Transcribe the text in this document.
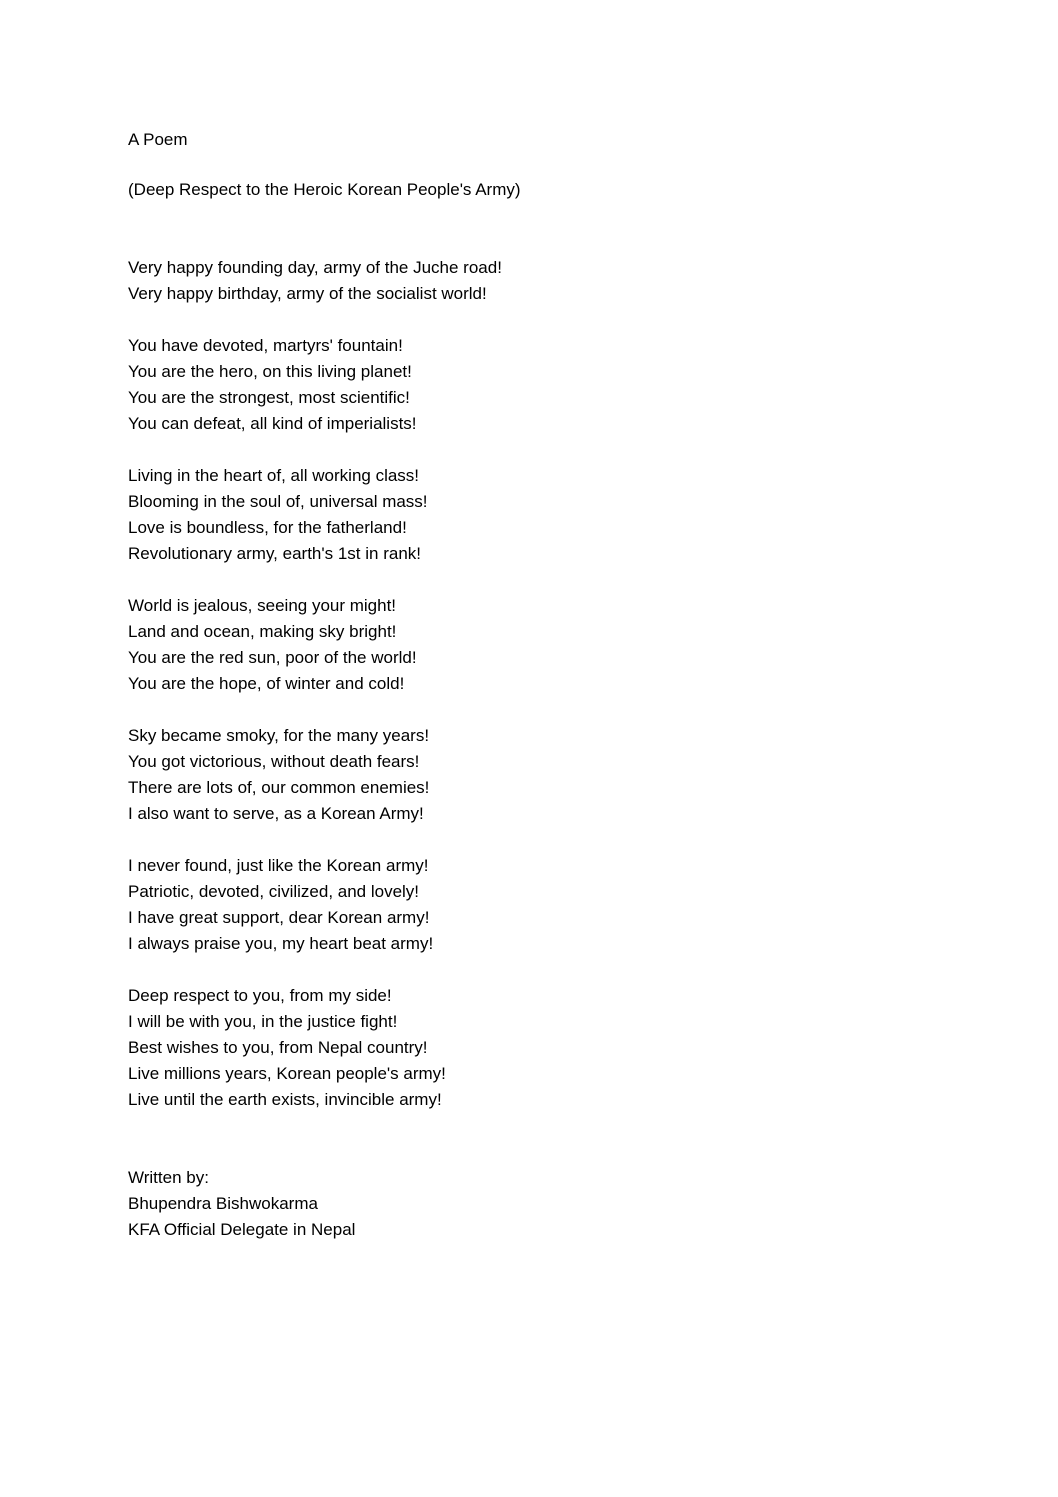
A Poem
(Deep Respect to the Heroic Korean People's Army)
Very happy founding day, army of the Juche road!
Very happy birthday, army of the socialist world!
You have devoted, martyrs' fountain!
You are the hero, on this living planet!
You are the strongest, most scientific!
You can defeat, all kind of imperialists!
Living in the heart of, all working class!
Blooming in the soul of, universal mass!
Love is boundless, for the fatherland!
Revolutionary army, earth's 1st in rank!
World is jealous, seeing your might!
Land and ocean, making sky bright!
You are the red sun, poor of the world!
You are the hope, of winter and cold!
Sky became smoky, for the many years!
You got victorious, without death fears!
There are lots of, our common enemies!
I also want to serve, as a Korean Army!
I never found, just like the Korean army!
Patriotic, devoted, civilized, and lovely!
I have great support, dear Korean army!
I always praise you, my heart beat army!
Deep respect to you, from my side!
I will be with you, in the justice fight!
Best wishes to you, from Nepal country!
Live millions years, Korean people's army!
Live until the earth exists, invincible army!
Written by:
Bhupendra Bishwokarma
KFA Official Delegate in Nepal
